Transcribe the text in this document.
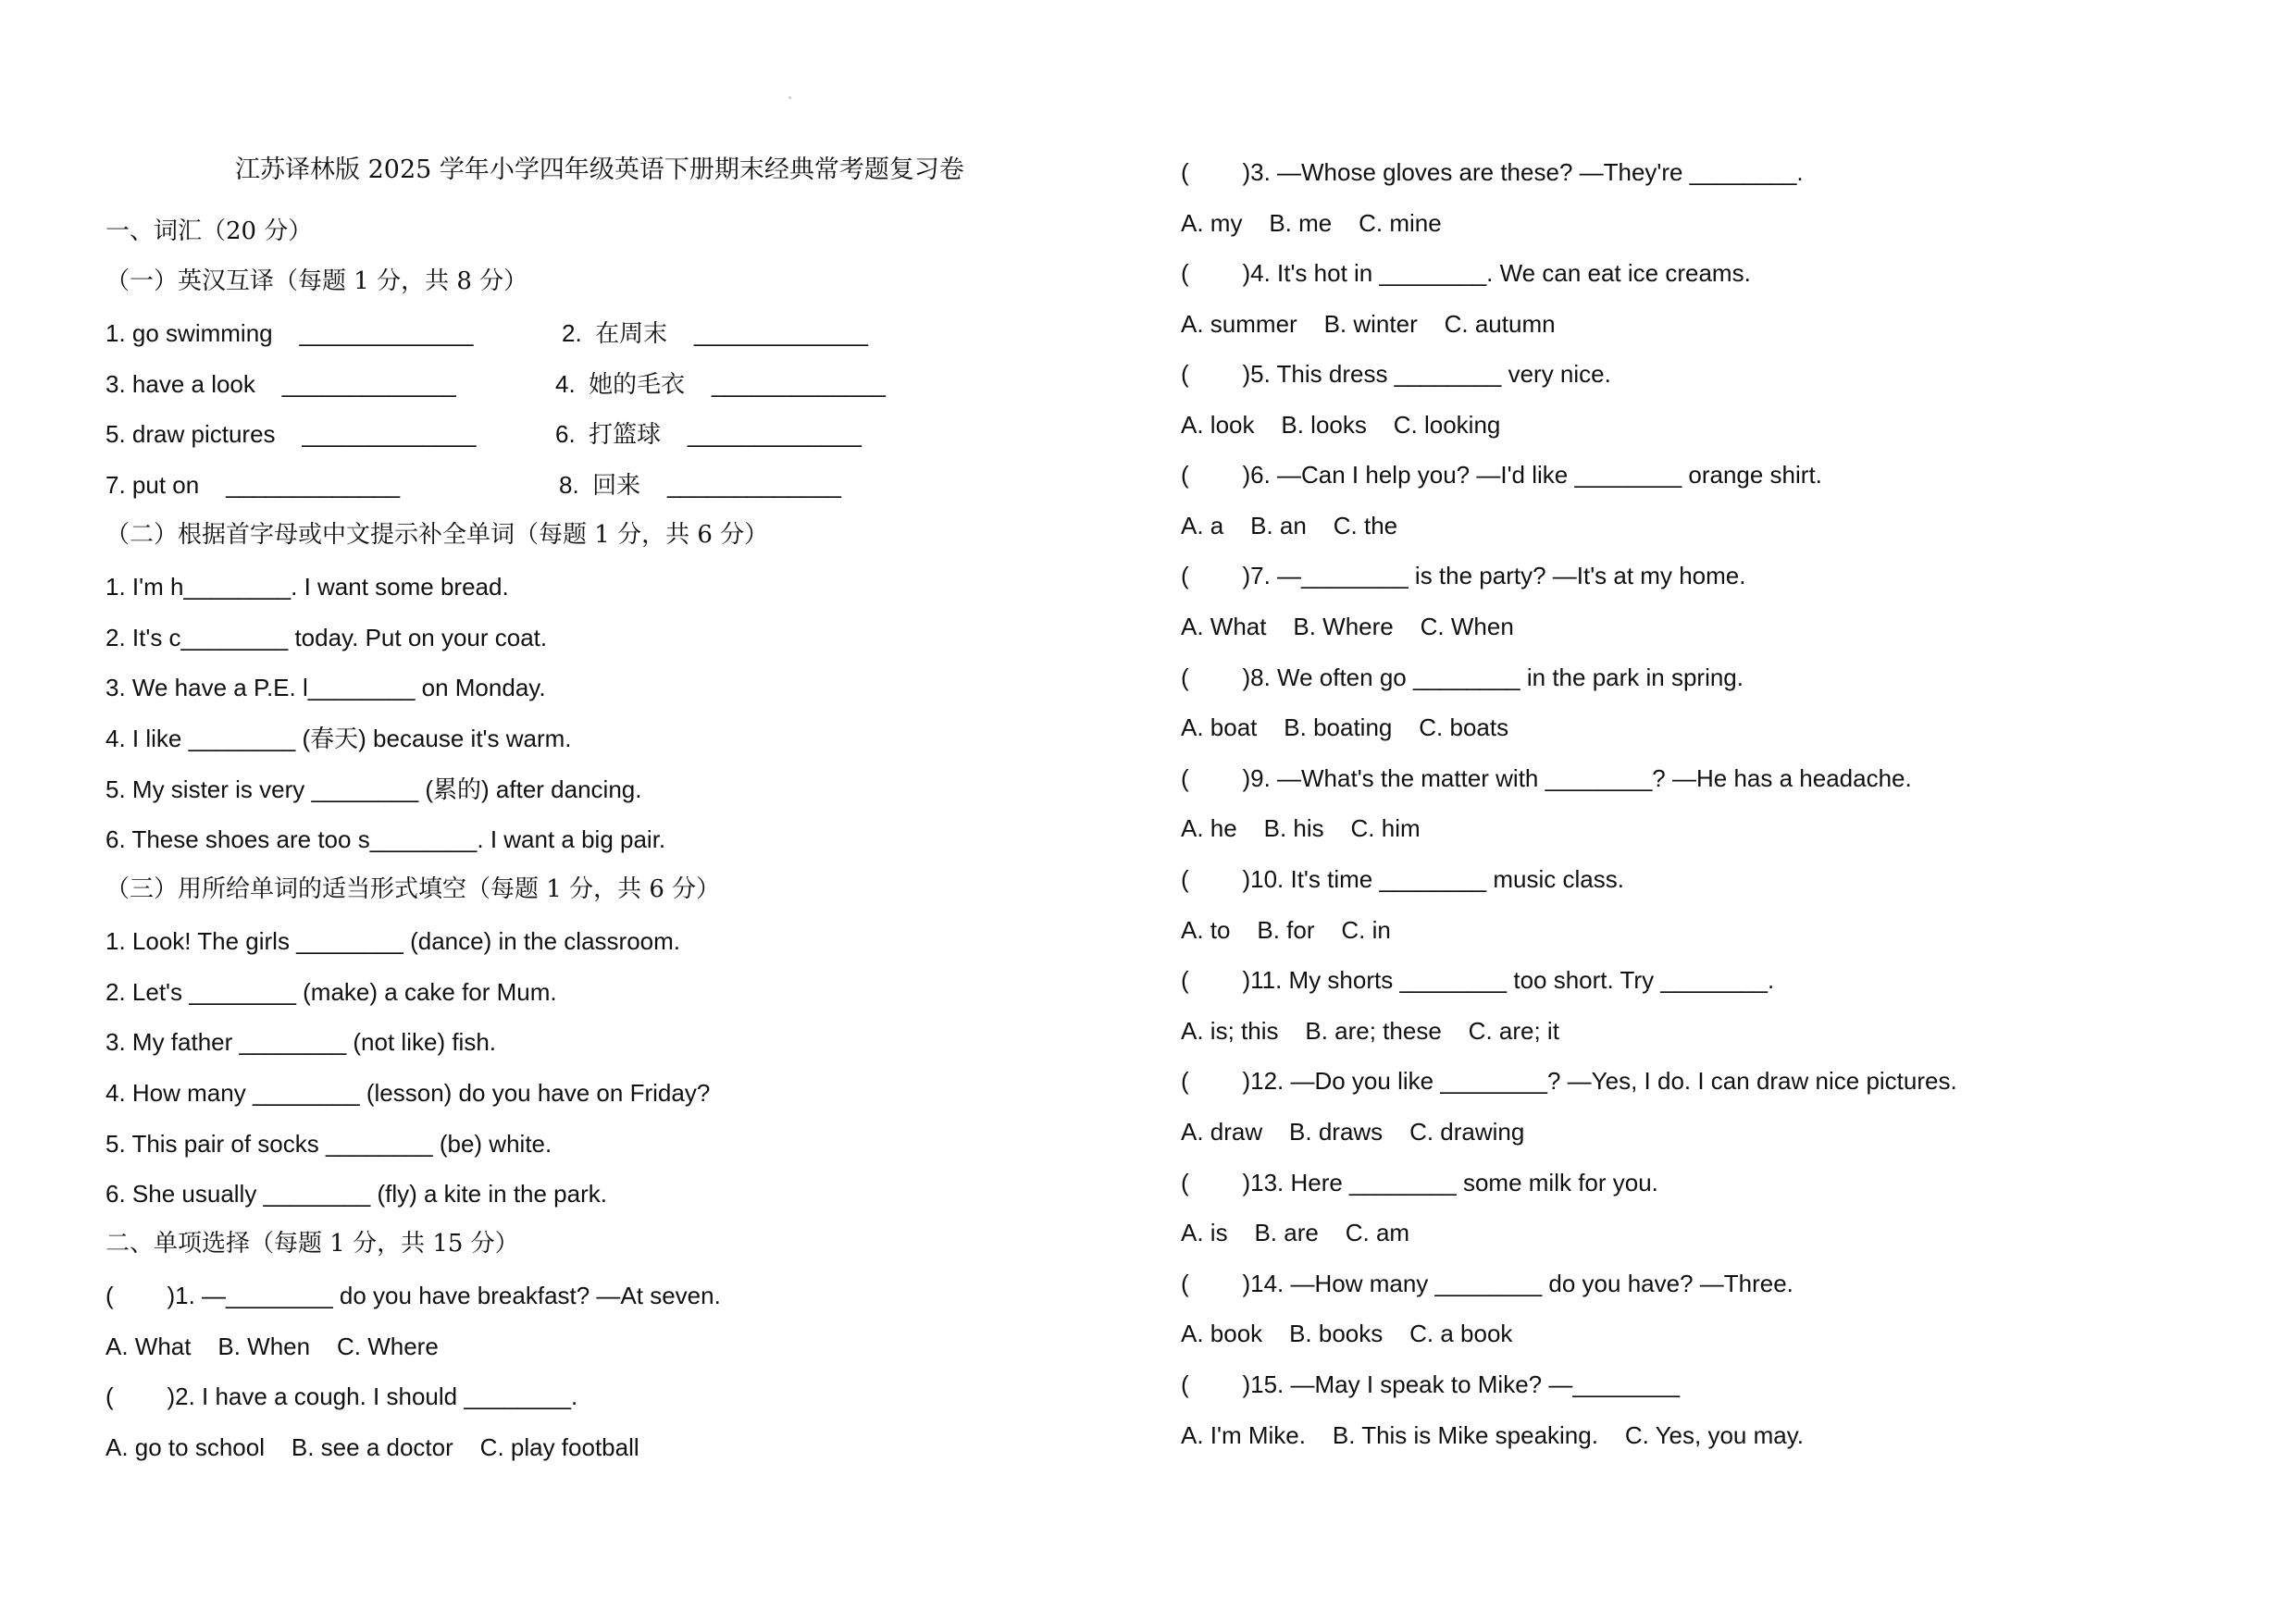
江苏译林版 2025 学年小学四年级英语下册期末经典常考题复习卷
一、词汇（20 分）
（一）英汉互译（每题 1 分，共 8 分）
1. go swimming    _____________	2.  在周末    _____________
3. have a look    _____________	4.  她的毛衣    _____________
5. draw pictures    _____________	6.  打篮球    _____________
7. put on    _____________	8.  回来    _____________
（二）根据首字母或中文提示补全单词（每题 1 分，共 6 分）
1. I'm h________. I want some bread.
2. It's c________ today. Put on your coat.
3. We have a P.E. l________ on Monday.
4. I like ________ (春天) because it's warm.
5. My sister is very ________ (累的) after dancing.
6. These shoes are too s________. I want a big pair.
（三）用所给单词的适当形式填空（每题 1 分，共 6 分）
1. Look! The girls ________ (dance) in the classroom.
2. Let's ________ (make) a cake for Mum.
3. My father ________ (not like) fish.
4. How many ________ (lesson) do you have on Friday?
5. This pair of socks ________ (be) white.
6. She usually ________ (fly) a kite in the park.
二、单项选择（每题 1 分，共 15 分）
(        )1. —________ do you have breakfast? —At seven.
A. What    B. When    C. Where
(        )2. I have a cough. I should ________.
A. go to school    B. see a doctor    C. play football
(        )3. —Whose gloves are these? —They're ________.
A. my    B. me    C. mine
(        )4. It's hot in ________. We can eat ice creams.
A. summer    B. winter    C. autumn
(        )5. This dress ________ very nice.
A. look    B. looks    C. looking
(        )6. —Can I help you? —I'd like ________ orange shirt.
A. a    B. an    C. the
(        )7. —________ is the party? —It's at my home.
A. What    B. Where    C. When
(        )8. We often go ________ in the park in spring.
A. boat    B. boating    C. boats
(        )9. —What's the matter with ________? —He has a headache.
A. he    B. his    C. him
(        )10. It's time ________ music class.
A. to    B. for    C. in
(        )11. My shorts ________ too short. Try ________.
A. is; this    B. are; these    C. are; it
(        )12. —Do you like ________? —Yes, I do. I can draw nice pictures.
A. draw    B. draws    C. drawing
(        )13. Here ________ some milk for you.
A. is    B. are    C. am
(        )14. —How many ________ do you have? —Three.
A. book    B. books    C. a book
(        )15. —May I speak to Mike? —________
A. I'm Mike.    B. This is Mike speaking.    C. Yes, you may.
